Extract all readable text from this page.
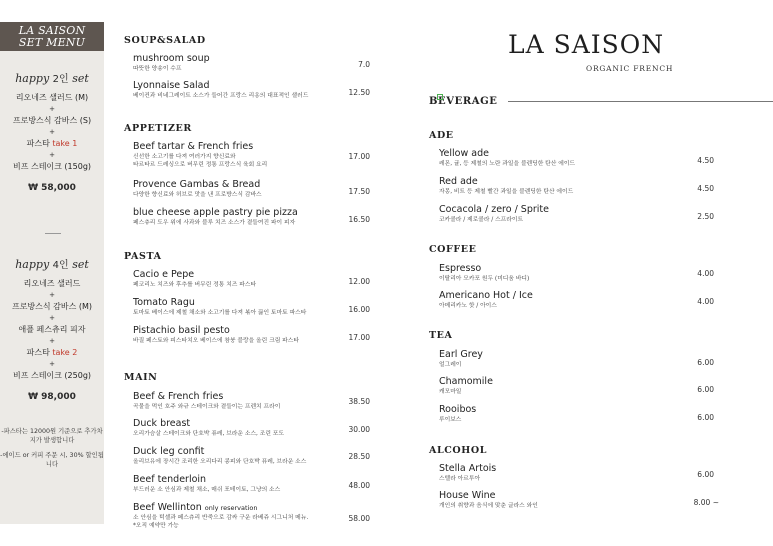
LA SAISON
SET MENU
happy 2인 set
리오네즈 샐러드 (M)
+
프로방스식 감바스 (S)
+
파스타 take 1
+
비프 스테이크 (150g)
₩ 58,000
happy 4인 set
리오네즈 샐러드
+
프로방스식 감바스 (M)
+
애플 페스츄리 피자
+
파스타 take 2
+
비프 스테이크 (250g)
₩ 98,000

-파스타는 12000원 기준으로 추가차지가 발생합니다

-에이드 or 커피 주문 시, 30% 할인됩니다

SOUP&SALAD
mushroom soup
따뜻한 양송이 수프	7.0
Lyonnaise Salad
베이컨과 비네그레이트 소스가 들어간 프랑스 리옹의 대표적인 샐러드	12.50
APPETIZER
Beef tartar & French fries
신선한 소고기를 다져 여러가지 향신료와
타르타르 드레싱으로 버무린 정통 프랑스식 육회 요리
17.00
Provence Gambas & Bread
다양한 향신료와 허브로 맛을 낸 프로방스식 감바스	17.50
blue cheese apple pastry pie pizza
페스츄리 도우 위에 사과와 블루 치즈 소스가 곁들여진 파이 피자	16.50
PASTA
Cacio e Pepe
페코리노 치즈와 후추를 버무린 정통 치즈 파스타	12.00
Tomato Ragu
토마토 베이스에 제철 채소와 소고기를 다져 볶아 끓인 토마토 파스타	16.00
Pistachio basil pesto
바질 페스토와 피스타치오 베이스에 참붕 블랑을 올린 크림 파스타	17.00
MAIN
Beef & French fries
곡물을 먹인 호주 와규 스테이크와 곁들이는 프렌치 프라이
38.50
Duck breast
오리가슴살 스테이크와 단호박 퓨레, 브라운 소스, 조린 포도	30.00
Duck leg confit
올리브유에 장시간 조리한 오리다리 콩피와 단호박 퓨레, 브라운 소스
28.50
Beef tenderloin
부드러운 소 안심과 제철 채소, 매쉬 포테이토, 그냥의 소스	48.00
Beef Wellinton only reservation
소 안심을 턱셀과 페스츄리 반죽으로 감싸 구운 라베쥬 시그니처 메뉴.
*오직 예약만 가능
58.00
LA SAISON
ORGANIC FRENCH
BEVERAGE
ADE
Yellow ade
레몬, 귤, 등 제철의 노란 과일을 블렌딩한 탄산 에이드	4.50
Red ade
자몽, 비트 등 제철 빨간 과일을 블렌딩한 탄산 에이드	4.50
Cocacola / zero / Sprite
코카콜라 / 제로콜라 / 스프라이트	2.50
COFFEE
Espresso
이탈리아 모카포 원두 (미디움 바디)
4.00
Americano Hot / Ice
아메리카노 핫 / 아이스	4.00
TEA
Earl Grey
얼그레이	6.00
Chamomile
캐모마일	6.00
Rooibos
루이보스	6.00
ALCOHOL
Stella Artois
스텔라 아르투아	6.00
House Wine
개인의 취향과 음식에 맞춘 글라스 와인	8.00 ~
